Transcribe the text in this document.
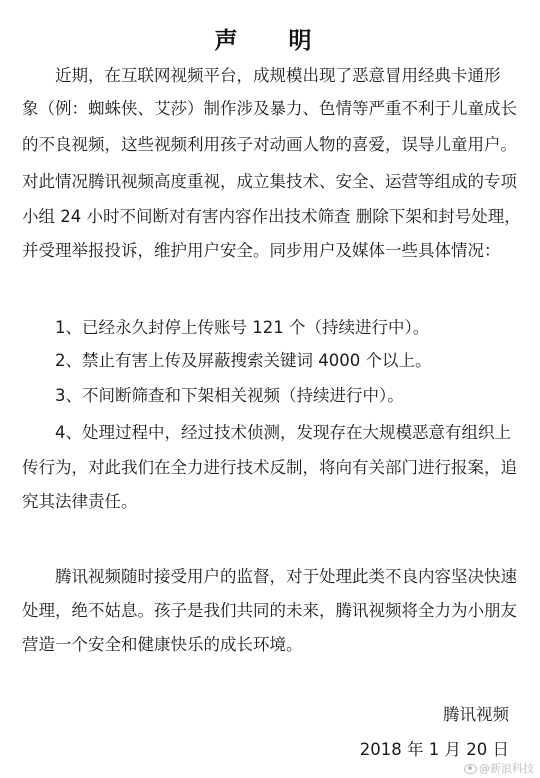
声　明
　　近期，在互联网视频平台，成规模出现了恶意冒用经典卡通形
象（例：蜘蛛侠、艾莎）制作涉及暴力、色情等严重不利于儿童成长
的不良视频，这些视频利用孩子对动画人物的喜爱，误导儿童用户。
对此情况腾讯视频高度重视，成立集技术、安全、运营等组成的专项
小组 24 小时不间断对有害内容作出技术筛查 删除下架和封号处理，
并受理举报投诉，维护用户安全。同步用户及媒体一些具体情况：
　　1、已经永久封停上传账号 121 个（持续进行中）。
　　2、禁止有害上传及屏蔽搜索关键词 4000 个以上。
　　3、不间断筛查和下架相关视频（持续进行中）。
　　4、处理过程中，经过技术侦测，发现存在大规模恶意有组织上
传行为，对此我们在全力进行技术反制，将向有关部门进行报案，追
究其法律责任。
　　腾讯视频随时接受用户的监督，对于处理此类不良内容坚决快速
处理，绝不姑息。孩子是我们共同的未来，腾讯视频将全力为小朋友
营造一个安全和健康快乐的成长环境。
腾讯视频
2018 年 1 月 20 日
@新浪科技
